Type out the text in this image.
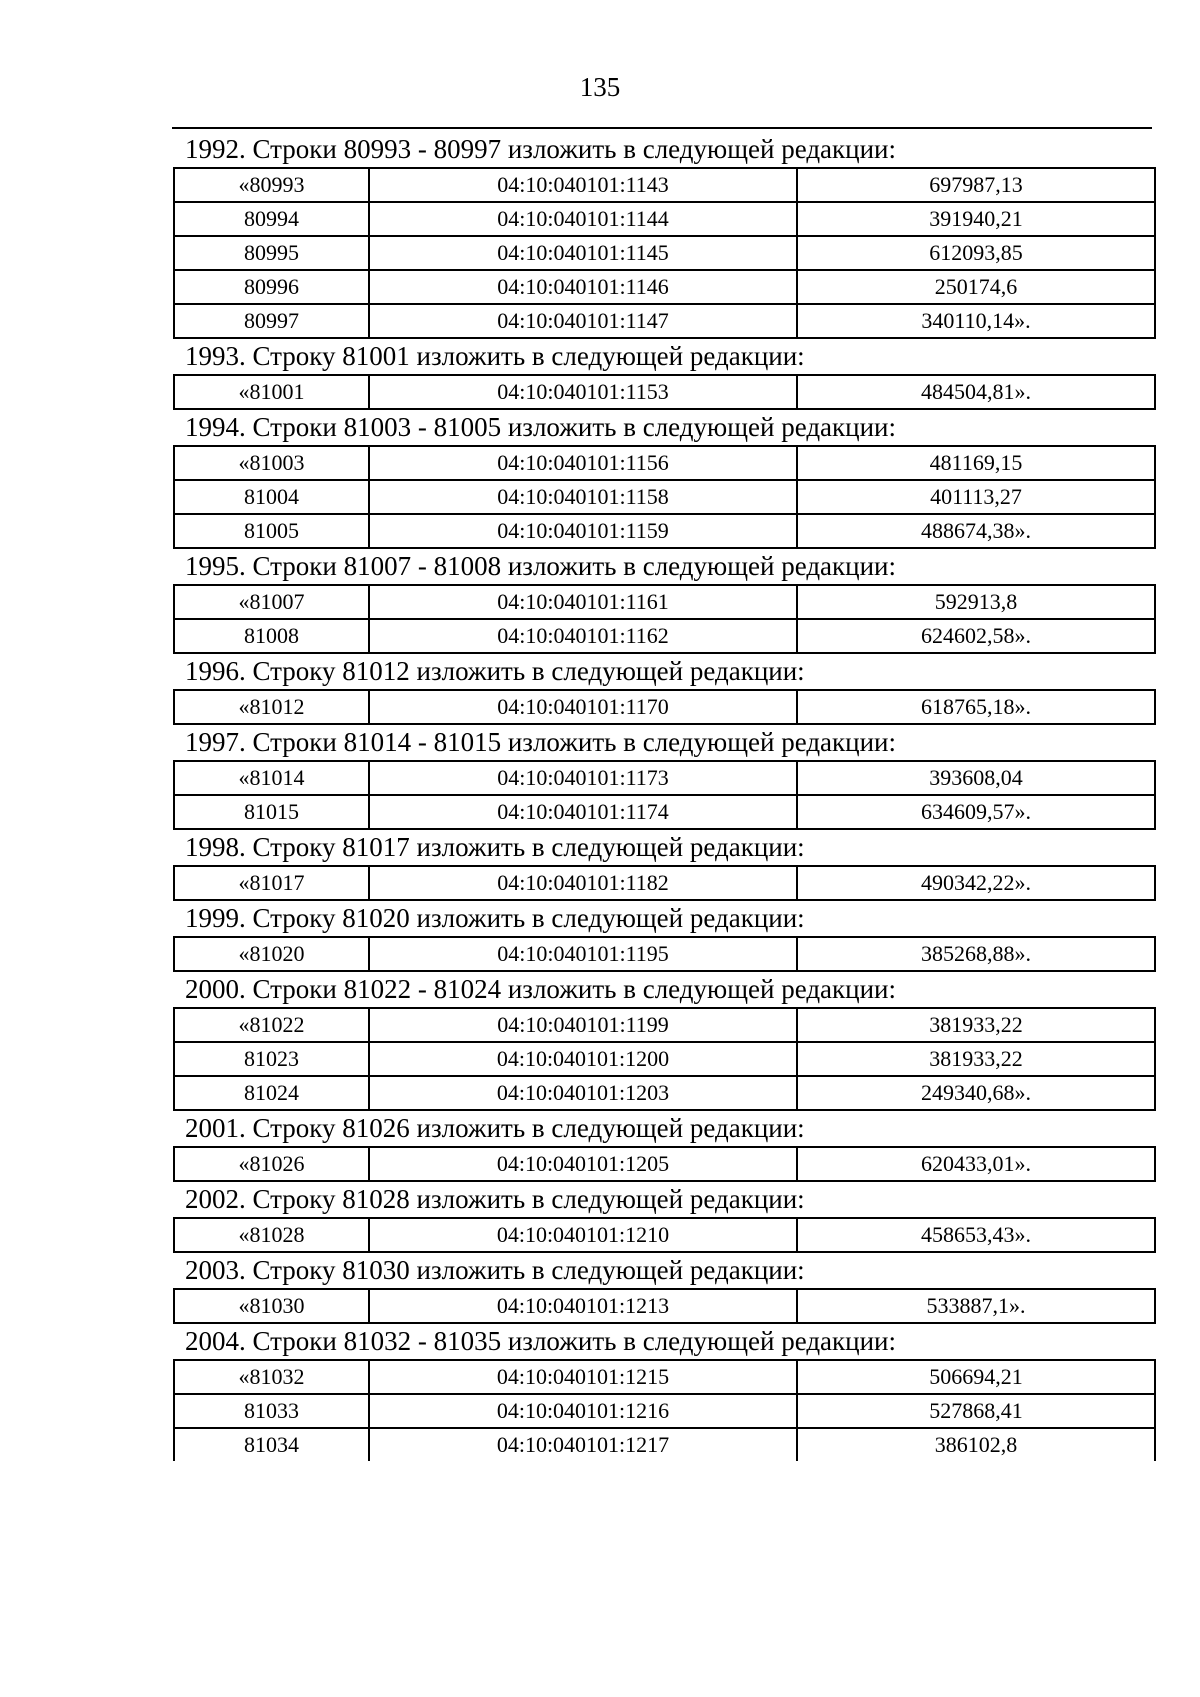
135
1992. Строки 80993 - 80997 изложить в следующей редакции:
«80993	04:10:040101:1143	697987,13
80994	04:10:040101:1144	391940,21
80995	04:10:040101:1145	612093,85
80996	04:10:040101:1146	250174,6
80997	04:10:040101:1147	340110,14».
1993. Строку 81001 изложить в следующей редакции:
«81001	04:10:040101:1153	484504,81».
1994. Строки 81003 - 81005 изложить в следующей редакции:
«81003	04:10:040101:1156	481169,15
81004	04:10:040101:1158	401113,27
81005	04:10:040101:1159	488674,38».
1995. Строки 81007 - 81008 изложить в следующей редакции:
«81007	04:10:040101:1161	592913,8
81008	04:10:040101:1162	624602,58».
1996. Строку 81012 изложить в следующей редакции:
«81012	04:10:040101:1170	618765,18».
1997. Строки 81014 - 81015 изложить в следующей редакции:
«81014	04:10:040101:1173	393608,04
81015	04:10:040101:1174	634609,57».
1998. Строку 81017 изложить в следующей редакции:
«81017	04:10:040101:1182	490342,22».
1999. Строку 81020 изложить в следующей редакции:
«81020	04:10:040101:1195	385268,88».
2000. Строки 81022 - 81024 изложить в следующей редакции:
«81022	04:10:040101:1199	381933,22
81023	04:10:040101:1200	381933,22
81024	04:10:040101:1203	249340,68».
2001. Строку 81026 изложить в следующей редакции:
«81026	04:10:040101:1205	620433,01».
2002. Строку 81028 изложить в следующей редакции:
«81028	04:10:040101:1210	458653,43».
2003. Строку 81030 изложить в следующей редакции:
«81030	04:10:040101:1213	533887,1».
2004. Строки 81032 - 81035 изложить в следующей редакции:
«81032	04:10:040101:1215	506694,21
81033	04:10:040101:1216	527868,41
81034	04:10:040101:1217	386102,8
